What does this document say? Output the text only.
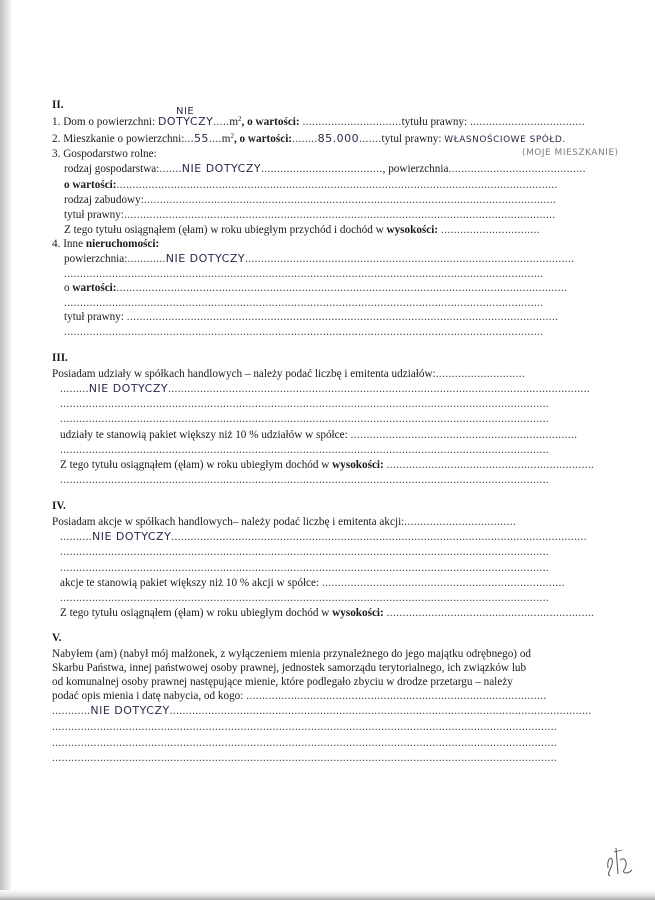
II.
NIE
1. Dom o powierzchni: $DOTYCZY.....m^2$, o wartości: ...............................tytułu prawny: ....................................
2. Mieszkanie o $powierzchni:...55....m^2$, o wartości:........85.000.......tytul prawny: WŁASNOŚCIOWE SPÓŁD.
(MOJE MIESZKANIE)
3. Gospodarstwo rolne:
rodzaj gospodarstwa:.......NIE DOTYCZY......................................, powierzchnia...........................................
o wartości:..........................................................................................................................................
rodzaj zabudowy:.................................................................................................................................
tytuł prawny:.......................................................................................................................................
Z tego tytułu osiągnąłem (ęłam) w roku ubiegłym przychód i dochód w wysokości: ...............................
4. Inne nieruchomości:
powierzchnia:............NIE DOTYCZY.......................................................................................................
......................................................................................................................................................
o wartości:.............................................................................................................................................
......................................................................................................................................................
tytuł prawny: .......................................................................................................................................
......................................................................................................................................................
III.
Posiadam udziały w spółkach handlowych – należy podać liczbę i emitenta udziałów:............................
.........NIE DOTYCZY....................................................................................................................................
.........................................................................................................................................................
.........................................................................................................................................................
udziały te stanowią pakiet większy niż 10 % udziałów w spółce: .......................................................................
.........................................................................................................................................................
Z tego tytułu osiągnąłem (ęłam) w roku ubiegłym dochód w wysokości: .................................................................
.........................................................................................................................................................
IV.
Posiadam akcje w spółkach handlowych– należy podać liczbę i emitenta akcji:...................................
..........NIE DOTYCZY..................................................................................................................................
.........................................................................................................................................................
.........................................................................................................................................................
akcje te stanowią pakiet większy niż 10 % akcji w spółce: ............................................................................
.........................................................................................................................................................
Z tego tytułu osiągnąłem (ęłam) w roku ubiegłym dochód w wysokości: .................................................................
V.
Nabyłem (am) (nabył mój małżonek, z wyłączeniem mienia przynależnego do jego majątku odrębnego) od
Skarbu Państwa, innej państwowej osoby prawnej, jednostek samorządu terytorialnego, ich związków lub
od komunalnej osoby prawnej następujące mienie, które podlegało zbyciu w drodze przetargu – należy
podać opis mienia i datę nabycia, od kogo: ..............................................................................................
............NIE DOTYCZY....................................................................................................................................
..............................................................................................................................................................
..............................................................................................................................................................
..............................................................................................................................................................
